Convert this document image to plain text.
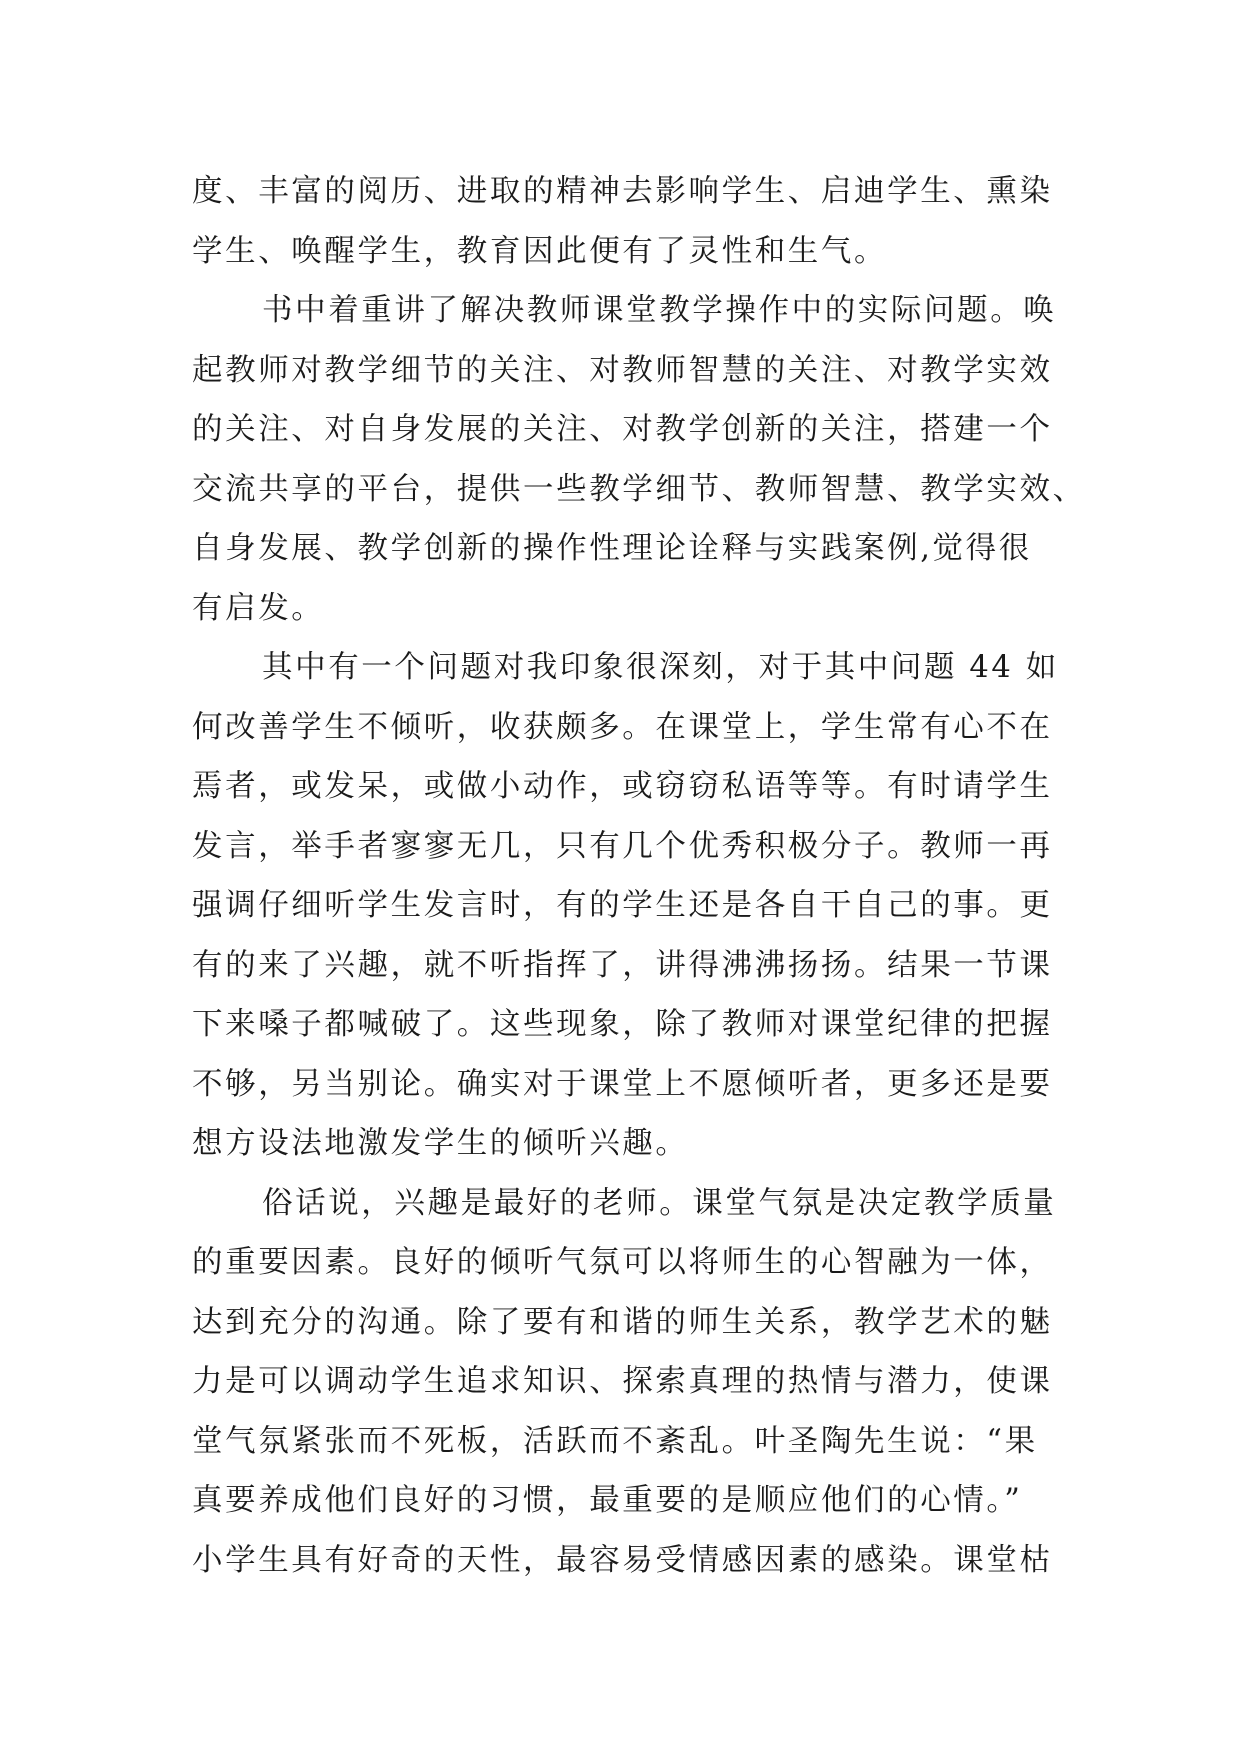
度、丰富的阅历、进取的精神去影响学生、启迪学生、熏染
学生、唤醒学生，教育因此便有了灵性和生气。
书中着重讲了解决教师课堂教学操作中的实际问题。唤
起教师对教学细节的关注、对教师智慧的关注、对教学实效
的关注、对自身发展的关注、对教学创新的关注，搭建一个
交流共享的平台，提供一些教学细节、教师智慧、教学实效、
自身发展、教学创新的操作性理论诠释与实践案例,觉得很
有启发。
其中有一个问题对我印象很深刻，对于其中问题 44 如
何改善学生不倾听，收获颇多。在课堂上，学生常有心不在
焉者，或发呆，或做小动作，或窃窃私语等等。有时请学生
发言，举手者寥寥无几，只有几个优秀积极分子。教师一再
强调仔细听学生发言时，有的学生还是各自干自己的事。更
有的来了兴趣，就不听指挥了，讲得沸沸扬扬。结果一节课
下来嗓子都喊破了。这些现象，除了教师对课堂纪律的把握
不够，另当别论。确实对于课堂上不愿倾听者，更多还是要
想方设法地激发学生的倾听兴趣。
俗话说，兴趣是最好的老师。课堂气氛是决定教学质量
的重要因素。良好的倾听气氛可以将师生的心智融为一体，
达到充分的沟通。除了要有和谐的师生关系，教学艺术的魅
力是可以调动学生追求知识、探索真理的热情与潜力，使课
堂气氛紧张而不死板，活跃而不紊乱。叶圣陶先生说：“果
真要养成他们良好的习惯，最重要的是顺应他们的心情。”
小学生具有好奇的天性，最容易受情感因素的感染。课堂枯
